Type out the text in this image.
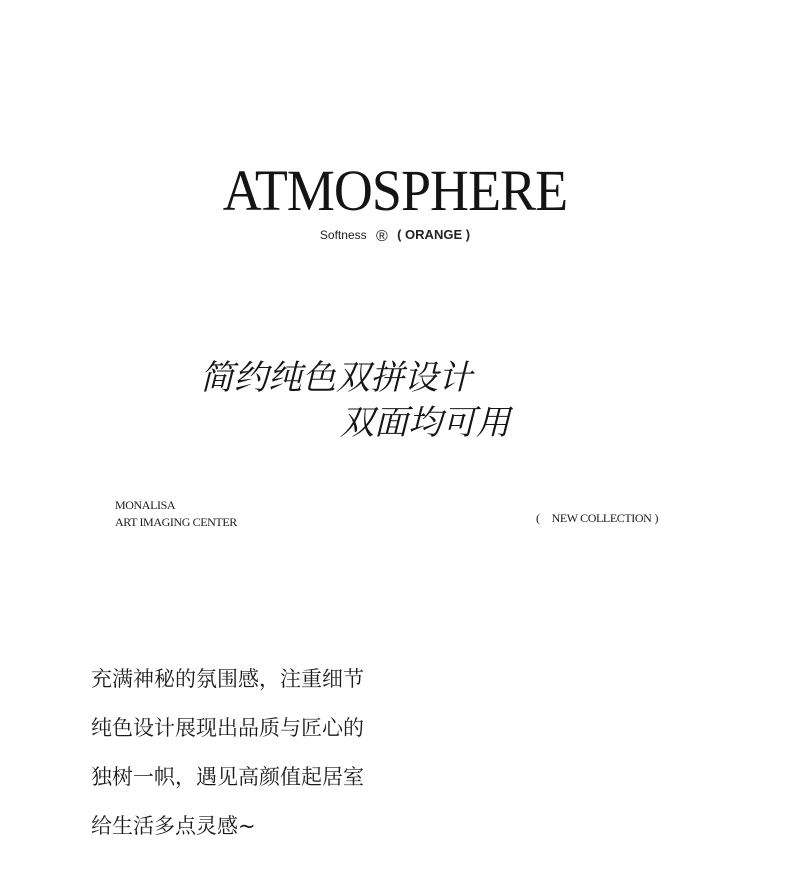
ATMOSPHERE
Softness ® ( ORANGE )
简约纯色双拼设计
双面均可用
MONALISA
ART IMAGING CENTER	( NEW COLLECTION )
充满神秘的氛围感，注重细节
纯色设计展现出品质与匠心的
独树一帜，遇见高颜值起居室
给生活多点灵感~
